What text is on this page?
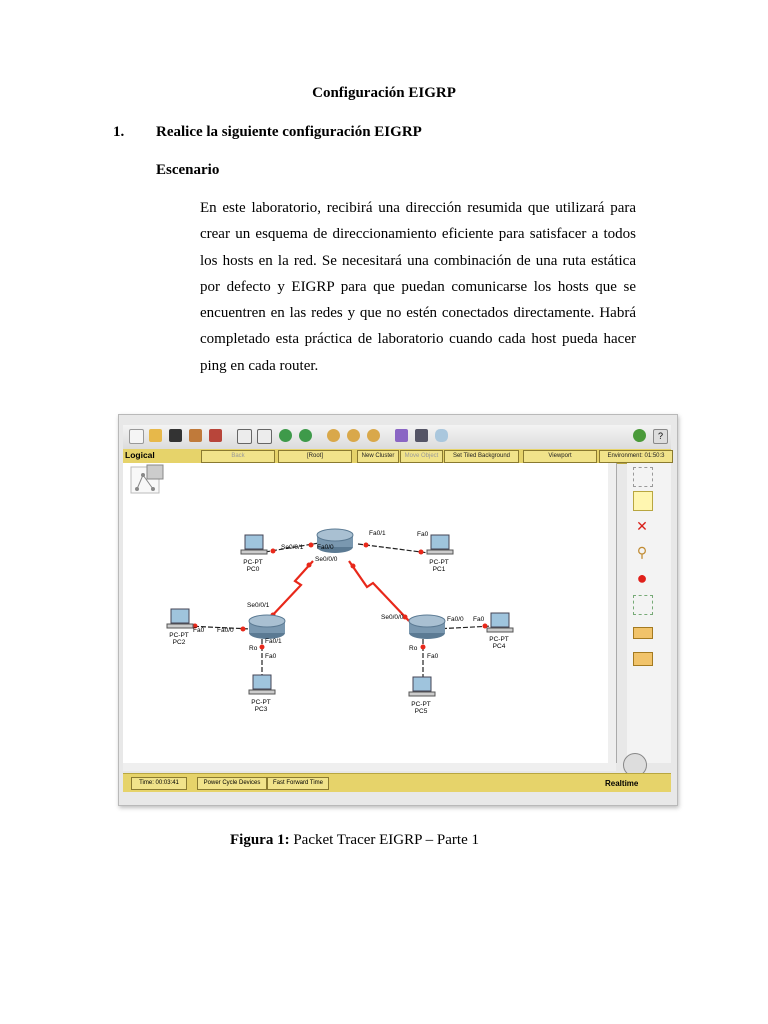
Configuración EIGRP
1. Realice la siguiente configuración EIGRP
Escenario
En este laboratorio, recibirá una dirección resumida que utilizará para crear un esquema de direccionamiento eficiente para satisfacer a todos los hosts en la red. Se necesitará una combinación de una ruta estática por defecto y EIGRP para que puedan comunicarse los hosts que se encuentren en las redes y que no estén conectados directamente. Habrá completado esta práctica de laboratorio cuando cada host pueda hacer ping en cada router.
?
Logical	Back	[Root]	New Cluster	Move Object	Set Tiled Background	Viewport	Environment: 01:50:3
PC-PT
PC0
PC-PT
PC1
PC-PT
PC2
PC-PT
PC3
PC-PT
PC4
PC-PT
PC5
Fa0/1	Fa0
Se0/0/1 Fa0/0
Se0/0/0
Se0/0/1
Fa0 Fa0/0
Fa0/1
Ro
Fa0
Se0/0/0	Fa0/0 Fa0
Ro
Fa0
✕
⚲
●
Time: 00:03:41	Power Cycle Devices	Fast Forward Time	Realtime
Figura 1: Packet Tracer EIGRP – Parte 1
